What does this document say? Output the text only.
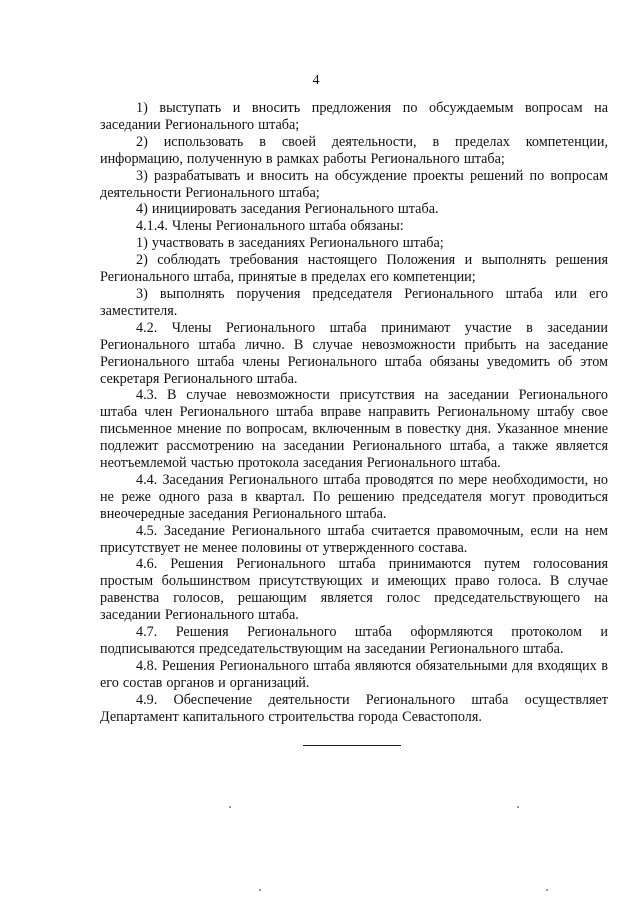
4

1) выступать и вносить предложения по обсуждаемым вопросам на заседании Регионального штаба;

2) использовать в своей деятельности, в пределах компетенции, информацию, полученную в рамках работы Регионального штаба;

3) разрабатывать и вносить на обсуждение проекты решений по вопросам деятельности Регионального штаба;

4) инициировать заседания Регионального штаба.

4.1.4. Члены Регионального штаба обязаны:

1) участвовать в заседаниях Регионального штаба;

2) соблюдать требования настоящего Положения и выполнять решения Регионального штаба, принятые в пределах его компетенции;

3) выполнять поручения председателя Регионального штаба или его заместителя.

4.2. Члены Регионального штаба принимают участие в заседании Регионального штаба лично. В случае невозможности прибыть на заседание Регионального штаба члены Регионального штаба обязаны уведомить об этом секретаря Регионального штаба.

4.3. В случае невозможности присутствия на заседании Регионального штаба член Регионального штаба вправе направить Региональному штабу свое письменное мнение по вопросам, включенным в повестку дня. Указанное мнение подлежит рассмотрению на заседании Регионального штаба, а также является неотъемлемой частью протокола заседания Регионального штаба.

4.4. Заседания Регионального штаба проводятся по мере необходимости, но не реже одного раза в квартал. По решению председателя могут проводиться внеочередные заседания Регионального штаба.

4.5. Заседание Регионального штаба считается правомочным, если на нем присутствует не менее половины от утвержденного состава.

4.6. Решения Регионального штаба принимаются путем голосования простым большинством присутствующих и имеющих право голоса. В случае равенства голосов, решающим является голос председательствующего на заседании Регионального штаба.

4.7. Решения Регионального штаба оформляются протоколом и подписываются председательствующим на заседании Регионального штаба.

4.8. Решения Регионального штаба являются обязательными для входящих в его состав органов и организаций.

4.9. Обеспечение деятельности Регионального штаба осуществляет Департамент капитального строительства города Севастополя.
